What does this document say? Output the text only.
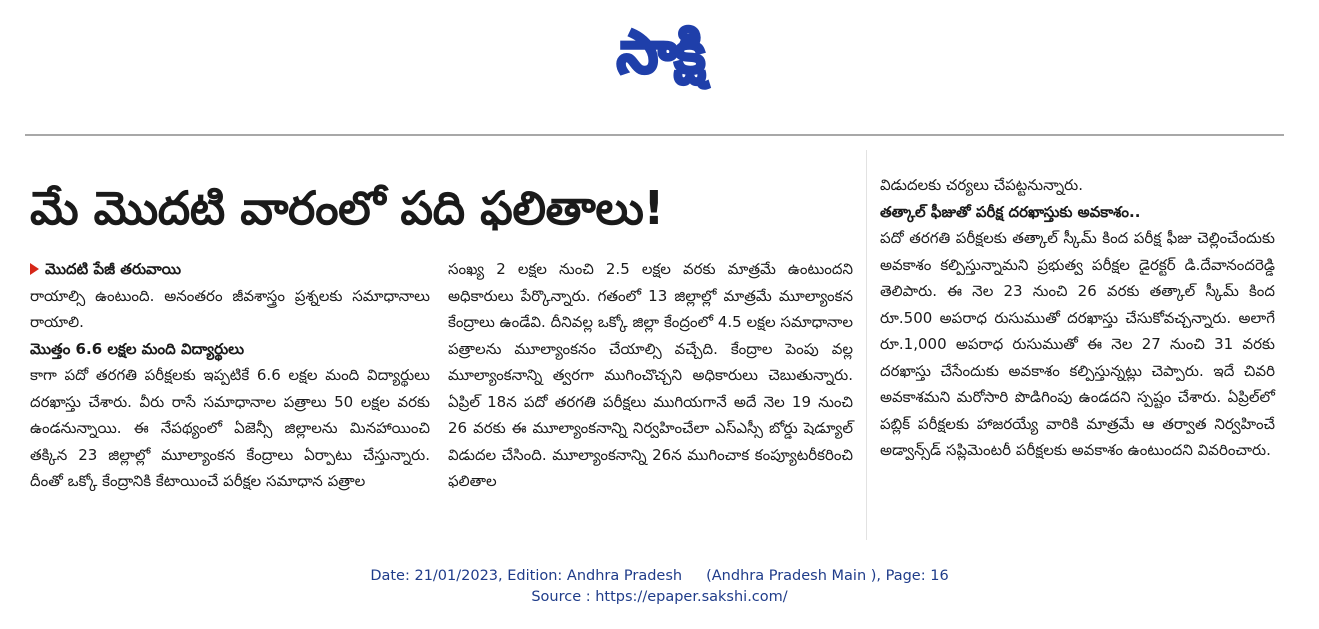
సాక్షి
మే మొదటి వారంలో పది ఫలితాలు!
మొదటి పేజీ తరువాయి

రాయాల్సి ఉంటుంది. అనంతరం జీవశాస్త్రం ప్రశ్నలకు సమాధానాలు రాయాలి.

మొత్తం 6.6 లక్షల మంది విద్యార్థులు

కాగా పదో తరగతి పరీక్షలకు ఇప్పటికే 6.6 లక్షల మంది విద్యార్థులు దరఖాస్తు చేశారు. వీరు రాసే సమాధానాల పత్రాలు 50 లక్షల వరకు ఉండనున్నాయి. ఈ నేపథ్యంలో ఏజెన్సీ జిల్లాలను మినహాయించి తక్కిన 23 జిల్లాల్లో మూల్యాంకన కేంద్రాలు ఏర్పాటు చేస్తున్నారు. దీంతో ఒక్కో కేంద్రానికి కేటాయించే పరీక్షల సమాధాన పత్రాల

సంఖ్య 2 లక్షల నుంచి 2.5 లక్షల వరకు మాత్రమే ఉంటుందని అధికారులు పేర్కొన్నారు. గతంలో 13 జిల్లాల్లో మాత్రమే మూల్యాంకన కేంద్రాలు ఉండేవి. దీనివల్ల ఒక్కో జిల్లా కేంద్రంలో 4.5 లక్షల సమాధానాల పత్రాలను మూల్యాంకనం చేయాల్సి వచ్చేది. కేంద్రాల పెంపు వల్ల మూల్యాంకనాన్ని త్వరగా ముగించొచ్చని అధికారులు చెబుతున్నారు. ఏప్రిల్ 18న పదో తరగతి పరీక్షలు ముగియగానే అదే నెల 19 నుంచి 26 వరకు ఈ మూల్యాంకనాన్ని నిర్వహించేలా ఎస్ఎస్సీ బోర్డు షెడ్యూల్ విడుదల చేసింది. మూల్యాంకనాన్ని 26న ముగించాక కంప్యూటరీకరించి ఫలితాల

విడుదలకు చర్యలు చేపట్టనున్నారు.

తత్కాల్ ఫీజుతో పరీక్ష దరఖాస్తుకు అవకాశం..

పదో తరగతి పరీక్షలకు తత్కాల్ స్కీమ్ కింద పరీక్ష ఫీజు చెల్లించేందుకు అవకాశం కల్పిస్తున్నామని ప్రభుత్వ పరీక్షల డైరక్టర్ డి.దేవానందరెడ్డి తెలిపారు. ఈ నెల 23 నుంచి 26 వరకు తత్కాల్ స్కీమ్ కింద రూ.500 అపరాధ రుసుముతో దరఖాస్తు చేసుకోవచ్చన్నారు. అలాగే రూ.1,000 అపరాధ రుసుముతో ఈ నెల 27 నుంచి 31 వరకు దరఖాస్తు చేసేందుకు అవకాశం కల్పిస్తున్నట్లు చెప్పారు. ఇదే చివరి అవకాశమని మరోసారి పొడిగింపు ఉండదని స్పష్టం చేశారు. ఏప్రిల్‌లో పబ్లిక్ పరీక్షలకు హాజరయ్యే వారికి మాత్రమే ఆ తర్వాత నిర్వహించే అడ్వాన్స్‌డ్ సప్లిమెంటరీ పరీక్షలకు అవకాశం ఉంటుందని వివరించారు.

Date: 21/01/2023, Edition: Andhra Pradesh (Andhra Pradesh Main ), Page: 16
Source : https://epaper.sakshi.com/
